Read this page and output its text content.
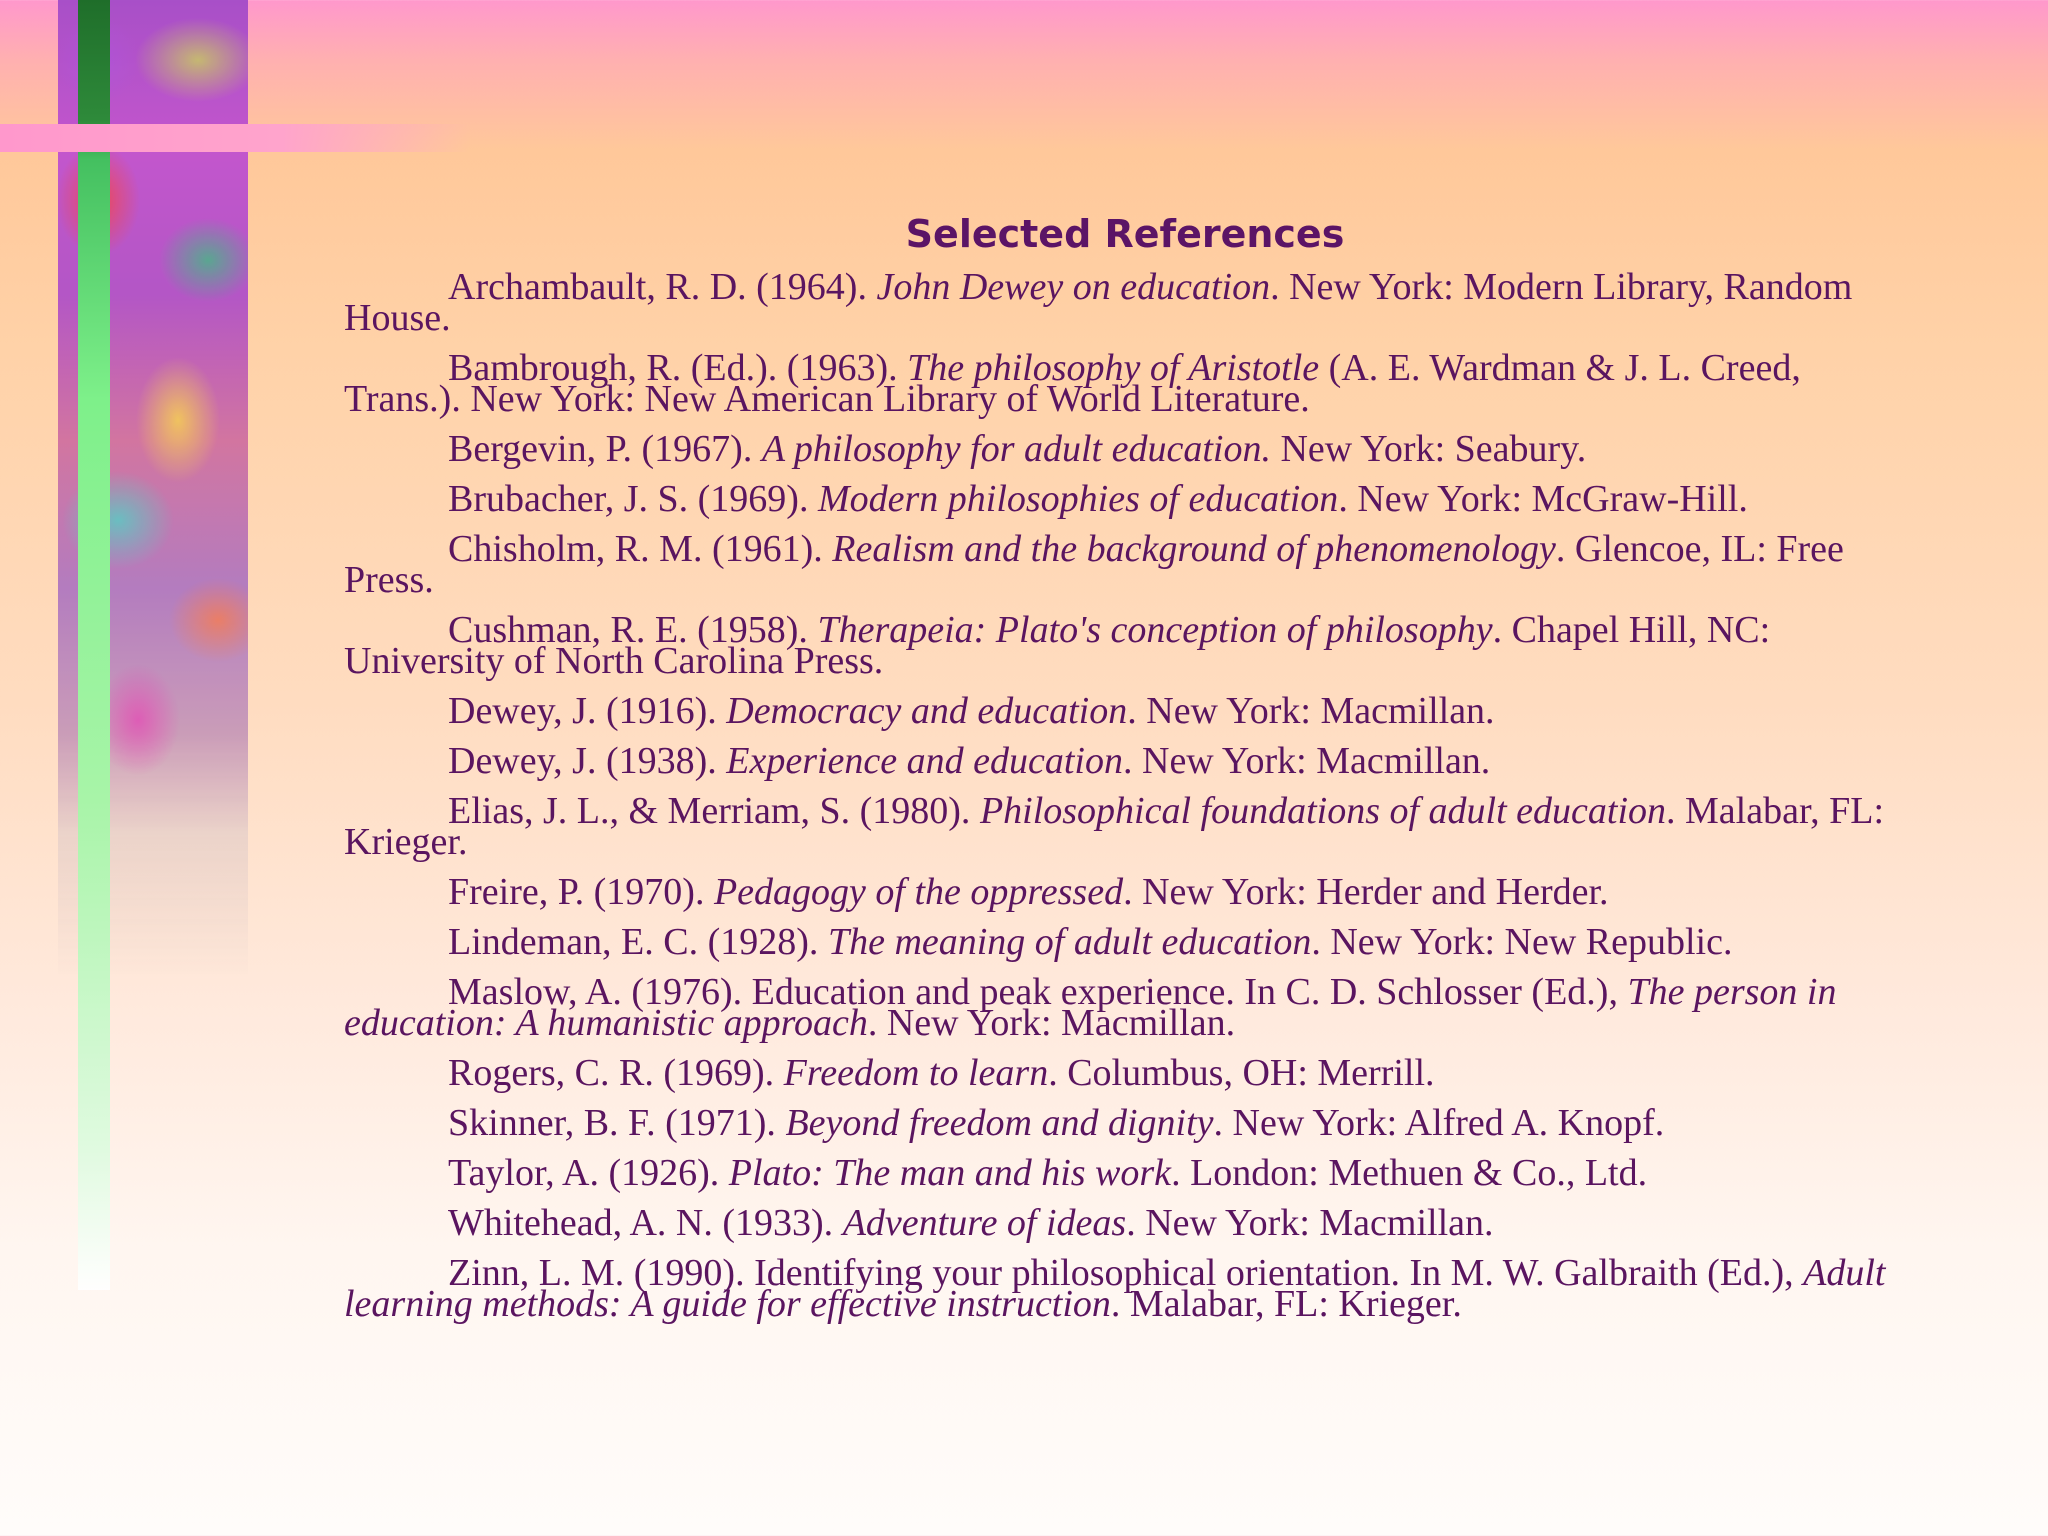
Selected References
Archambault, R. D. (1964). John Dewey on education. New York: Modern Library, Random House.
Bambrough, R. (Ed.). (1963). The philosophy of Aristotle (A. E. Wardman & J. L. Creed, Trans.). New York: New American Library of World Literature.
Bergevin, P. (1967). A philosophy for adult education. New York: Seabury.
Brubacher, J. S. (1969). Modern philosophies of education. New York: McGraw-Hill.
Chisholm, R. M. (1961). Realism and the background of phenomenology. Glencoe, IL: Free Press.
Cushman, R. E. (1958). Therapeia: Plato's conception of philosophy. Chapel Hill, NC: University of North Carolina Press.
Dewey, J. (1916). Democracy and education. New York: Macmillan.
Dewey, J. (1938). Experience and education. New York: Macmillan.
Elias, J. L., & Merriam, S. (1980). Philosophical foundations of adult education. Malabar, FL: Krieger.
Freire, P. (1970). Pedagogy of the oppressed. New York: Herder and Herder.
Lindeman, E. C. (1928). The meaning of adult education. New York: New Republic.
Maslow, A. (1976). Education and peak experience. In C. D. Schlosser (Ed.), The person in education: A humanistic approach. New York: Macmillan.
Rogers, C. R. (1969). Freedom to learn. Columbus, OH: Merrill.
Skinner, B. F. (1971). Beyond freedom and dignity. New York: Alfred A. Knopf.
Taylor, A. (1926). Plato: The man and his work. London: Methuen & Co., Ltd.
Whitehead, A. N. (1933). Adventure of ideas. New York: Macmillan.
Zinn, L. M. (1990). Identifying your philosophical orientation. In M. W. Galbraith (Ed.), Adult learning methods: A guide for effective instruction. Malabar, FL: Krieger.
